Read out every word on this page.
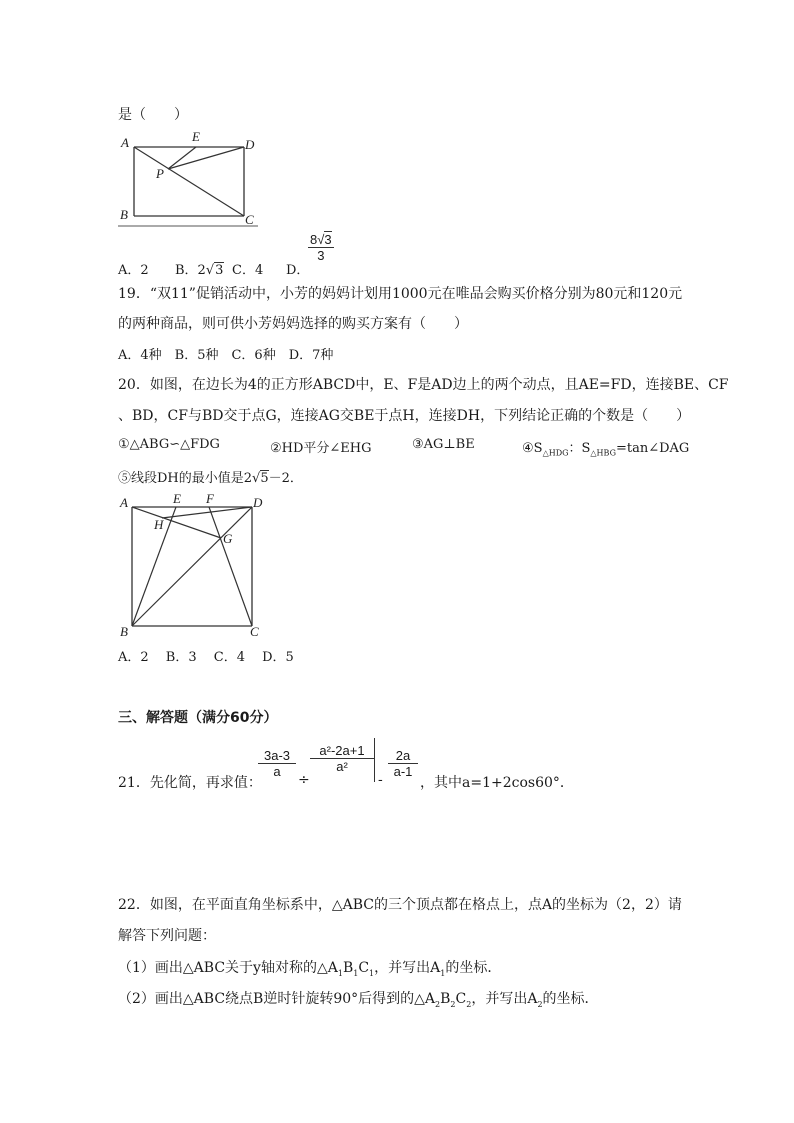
是（　　）
A	E
D
P
B	C
A．2 B．2√3 C．4 D．
8√3
3
19．“双11”促销活动中，小芳的妈妈计划用1000元在唯品会购买价格分别为80元和120元
的两种商品，则可供小芳妈妈选择的购买方案有（　　）
A．4种　B．5种　C．6种　D．7种
20．如图，在边长为4的正方形ABCD中，E、F是AD边上的两个动点，且AE=FD，连接BE、CF
、BD，CF与BD交于点G，连接AG交BE于点H，连接DH，下列结论正确的个数是（　　）
①△ABG∽△FDG	②HD平分∠EHG	③AG⊥BE	$④S_{\triangle HDG}$：$S_{\triangle HBG}=\tan\angle DAG$
⑤线段DH的最小值是2√5－2．
A	E F	D
H
G
B	C
A．2　 B．3　 C．4　 D．5
三、解答题（满分60分）
21．先化简，再求值：
3a-3
a
÷
a²-2a+1
a²
-
2a
a-1
，其中a=1+2cos60°．
22．如图，在平面直角坐标系中，△ABC的三个顶点都在格点上，点A的坐标为（2，2）请
解答下列问题：
（1）画出△ABC关于y轴对称的$\triangle A_1B_1C_1$，并写出$A_1$的坐标．
（2）画出△ABC绕点B逆时针旋转90°后得到的$\triangle A_2B_2C_2$，并写出$A_2$的坐标．
